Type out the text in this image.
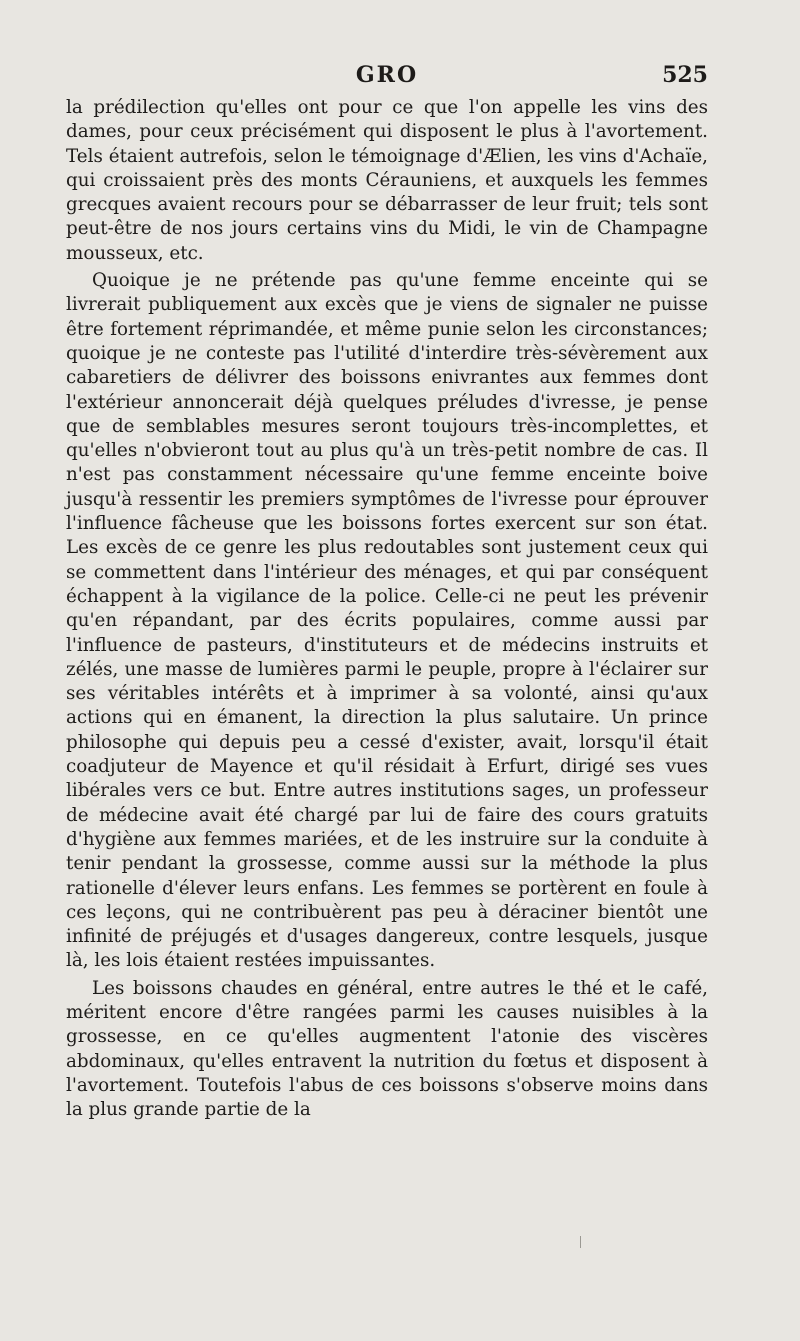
GRO	525

la prédilection qu'elles ont pour ce que l'on appelle les vins des dames, pour ceux précisément qui disposent le plus à l'avortement. Tels étaient autrefois, selon le témoignage d'Ælien, les vins d'Achaïe, qui croissaient près des monts Cérauniens, et auxquels les femmes grecques avaient recours pour se débarrasser de leur fruit; tels sont peut-être de nos jours certains vins du Midi, le vin de Champagne mousseux, etc.

Quoique je ne prétende pas qu'une femme enceinte qui se livrerait publiquement aux excès que je viens de signaler ne puisse être fortement réprimandée, et même punie selon les circonstances; quoique je ne conteste pas l'utilité d'interdire très-sévèrement aux cabaretiers de délivrer des boissons enivrantes aux femmes dont l'extérieur annoncerait déjà quelques préludes d'ivresse, je pense que de semblables mesures seront toujours très-incomplettes, et qu'elles n'obvieront tout au plus qu'à un très-petit nombre de cas. Il n'est pas constamment nécessaire qu'une femme enceinte boive jusqu'à ressentir les premiers symptômes de l'ivresse pour éprouver l'influence fâcheuse que les boissons fortes exercent sur son état. Les excès de ce genre les plus redoutables sont justement ceux qui se commettent dans l'intérieur des ménages, et qui par conséquent échappent à la vigilance de la police. Celle-ci ne peut les prévenir qu'en répandant, par des écrits populaires, comme aussi par l'influence de pasteurs, d'instituteurs et de médecins instruits et zélés, une masse de lumières parmi le peuple, propre à l'éclairer sur ses véritables intérêts et à imprimer à sa volonté, ainsi qu'aux actions qui en émanent, la direction la plus salutaire. Un prince philosophe qui depuis peu a cessé d'exister, avait, lorsqu'il était coadjuteur de Mayence et qu'il résidait à Erfurt, dirigé ses vues libérales vers ce but. Entre autres institutions sages, un professeur de médecine avait été chargé par lui de faire des cours gratuits d'hygiène aux femmes mariées, et de les instruire sur la conduite à tenir pendant la grossesse, comme aussi sur la méthode la plus rationelle d'élever leurs enfans. Les femmes se portèrent en foule à ces leçons, qui ne contribuèrent pas peu à déraciner bientôt une infinité de préjugés et d'usages dangereux, contre lesquels, jusque là, les lois étaient restées impuissantes.

Les boissons chaudes en général, entre autres le thé et le café, méritent encore d'être rangées parmi les causes nuisibles à la grossesse, en ce qu'elles augmentent l'atonie des viscères abdominaux, qu'elles entravent la nutrition du fœtus et disposent à l'avortement. Toutefois l'abus de ces boissons s'observe moins dans la plus grande partie de la
